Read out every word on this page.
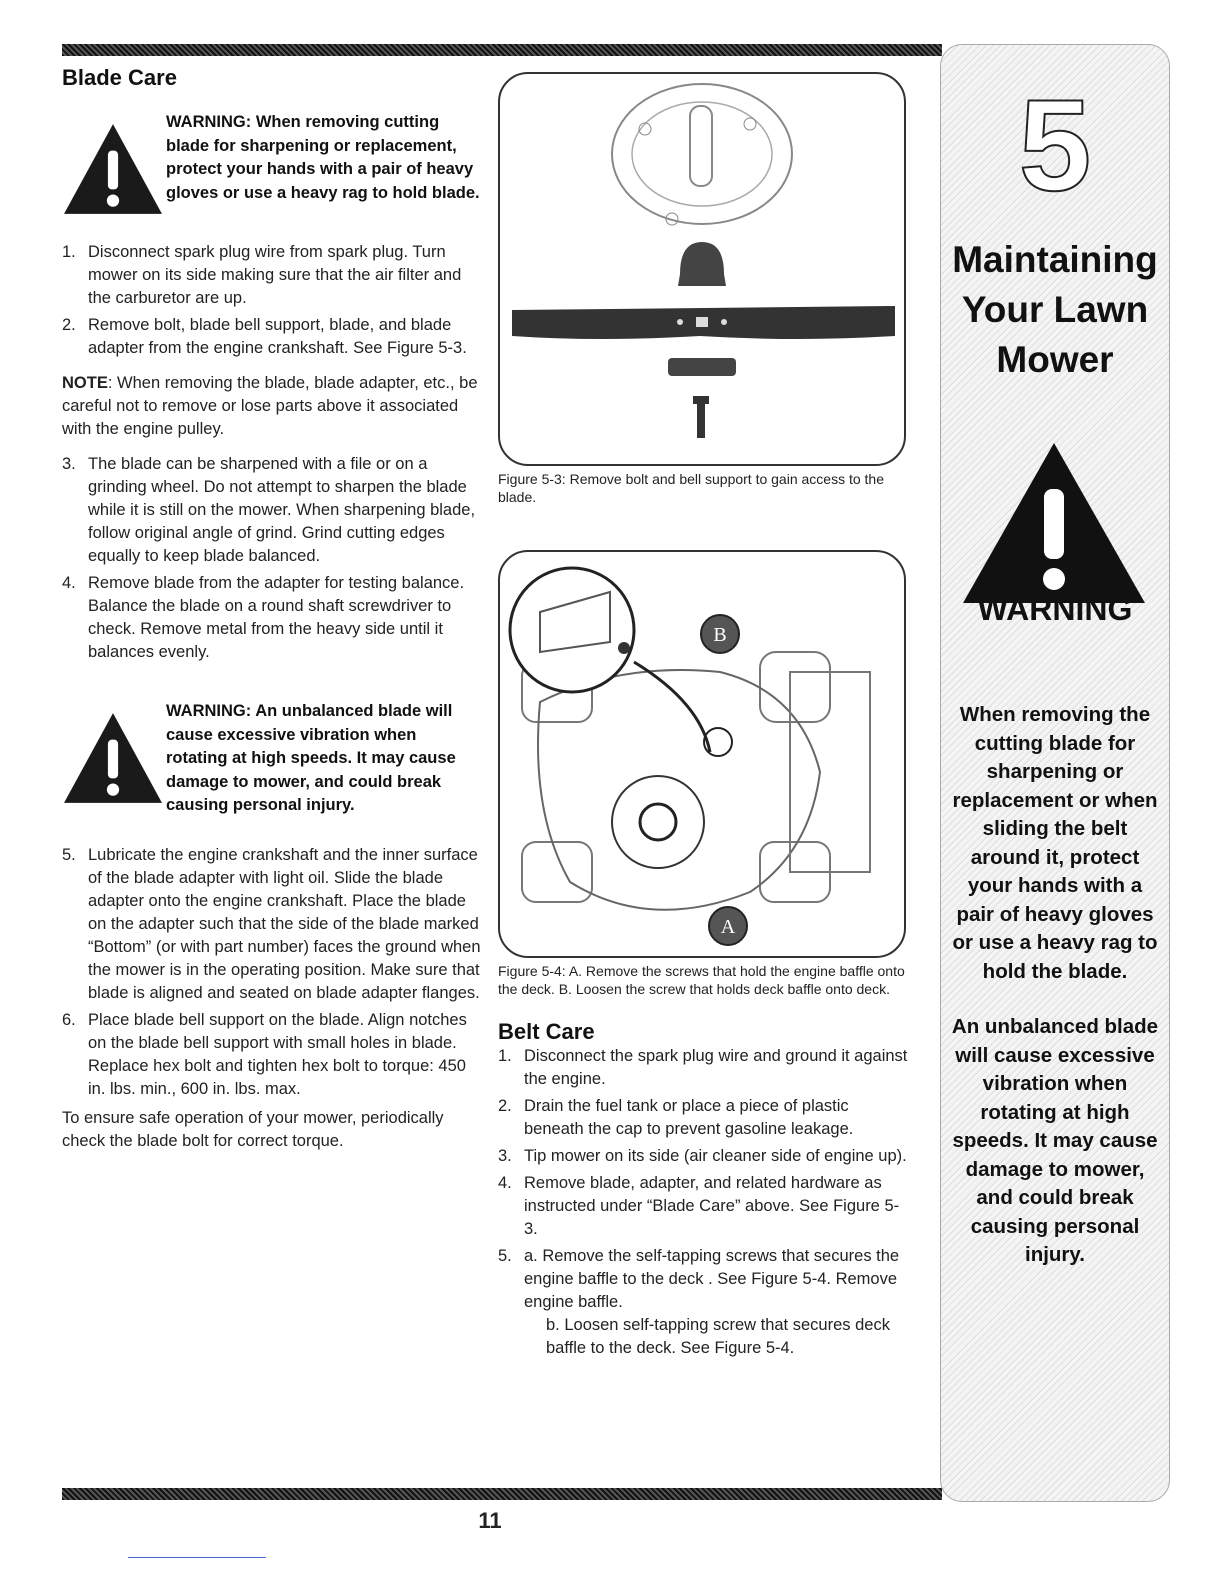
Blade Care
WARNING: When removing cutting blade for sharpening or replacement, protect your hands with a pair of heavy gloves or use a heavy rag to hold blade.
1. Disconnect spark plug wire from spark plug. Turn mower on its side making sure that the air filter and the carburetor are up.
2. Remove bolt, blade bell support, blade, and blade adapter from the engine crankshaft. See Figure 5-3.
NOTE: When removing the blade, blade adapter, etc., be careful not to remove or lose parts above it associated with the engine pulley.
3. The blade can be sharpened with a file or on a grinding wheel. Do not attempt to sharpen the blade while it is still on the mower. When sharpening blade, follow original angle of grind. Grind cutting edges equally to keep blade balanced.
4. Remove blade from the adapter for testing balance. Balance the blade on a round shaft screwdriver to check. Remove metal from the heavy side until it balances evenly.
WARNING: An unbalanced blade will cause excessive vibration when rotating at high speeds. It may cause damage to mower, and could break causing personal injury.
5. Lubricate the engine crankshaft and the inner surface of the blade adapter with light oil. Slide the blade adapter onto the engine crankshaft. Place the blade on the adapter such that the side of the blade marked “Bottom” (or with part number) faces the ground when the mower is in the operating position. Make sure that blade is aligned and seated on blade adapter flanges.
6. Place blade bell support on the blade. Align notches on the blade bell support with small holes in blade. Replace hex bolt and tighten hex bolt to torque: 450 in. lbs. min., 600 in. lbs. max.
To ensure safe operation of your mower, periodically check the blade bolt for correct torque.
Figure 5-3: Remove bolt and bell support to gain access to the blade.
B
A
Figure 5-4: A. Remove the screws that hold the engine baffle onto the deck. B. Loosen the screw that holds deck baffle onto deck.
Belt Care
1. Disconnect the spark plug wire and ground it against the engine.
2. Drain the fuel tank or place a piece of plastic beneath the cap to prevent gasoline leakage.
3. Tip mower on its side (air cleaner side of engine up).
4. Remove blade, adapter, and related hardware as instructed under “Blade Care” above. See Figure 5-3.
5. a. Remove the self-tapping screws that secures the engine baffle to the deck . See Figure 5-4. Remove engine baffle.
b. Loosen self-tapping screw that secures deck baffle to the deck. See Figure 5-4.
5
Maintaining
Your Lawn
Mower
WARNING
When removing the cutting blade for sharpening or replacement or when sliding the belt around it, protect your hands with a pair of heavy gloves or use a heavy rag to hold the blade.
An unbalanced blade will cause excessive vibration when rotating at high speeds. It may cause damage to mower, and could break causing personal injury.
11
